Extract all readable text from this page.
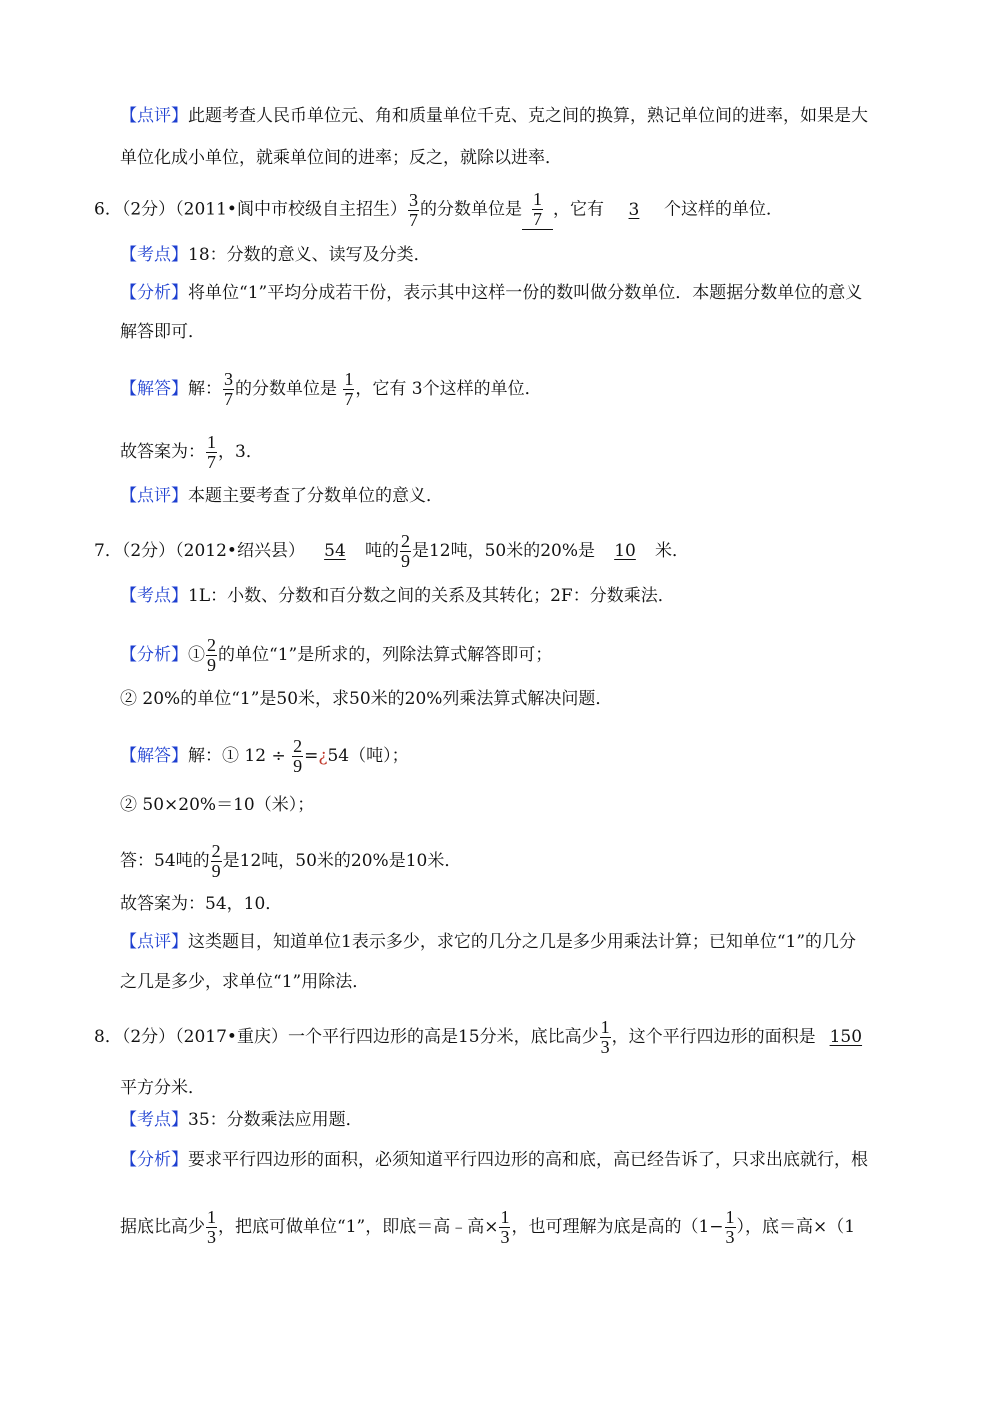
【点评】此题考查人民币单位元、角和质量单位千克、克之间的换算，熟记单位间的进率，如果是大
单位化成小单位，就乘单位间的进率；反之，就除以进率．
6．（2分）（2011•阆中市校级自主招生） $\frac{3}{7}$ 的分数单位是 $\frac{1}{7}$ ，它有 3 个这样的单位．
【考点】18：分数的意义、读写及分类．
【分析】将单位“1”平均分成若干份，表示其中这样一份的数叫做分数单位．本题据分数单位的意义
解答即可．
【解答】解： $\frac{3}{7}$ 的分数单位是 $\frac{1}{7}$ ，它有 3个这样的单位．
故答案为： $\frac{1}{7}$ ，3．
【点评】本题主要考查了分数单位的意义．
7．（2分）（2012•绍兴县） 54 吨的 $\frac{2}{9}$ 是12吨，50米的20%是 10 米．
【考点】1L：小数、分数和百分数之间的关系及其转化；2F：分数乘法．
【分析】① $\frac{2}{9}$ 的单位“1”是所求的，列除法算式解答即可；
② 20%的单位“1”是50米，求50米的20%列乘法算式解决问题．
【解答】解：① $12 \div \frac{2}{9}$ =¿54（吨）；
② 50×20%＝10（米）；
答：54吨的 $\frac{2}{9}$ 是12吨，50米的20%是10米．
故答案为：54，10．
【点评】这类题目，知道单位1表示多少，求它的几分之几是多少用乘法计算；已知单位“1”的几分
之几是多少，求单位“1”用除法．
8．（2分）（2017•重庆）一个平行四边形的高是15分米，底比高少 $\frac{1}{3}$ ，这个平行四边形的面积是 150
平方分米．
【考点】35：分数乘法应用题．
【分析】要求平行四边形的面积，必须知道平行四边形的高和底，高已经告诉了，只求出底就行，根
据底比高少 $\frac{1}{3}$ ，把底可做单位“1”，即底＝高﹣高× $\frac{1}{3}$ ，也可理解为底是高的（$1- \frac{1}{3}$ ），底＝高×（1
